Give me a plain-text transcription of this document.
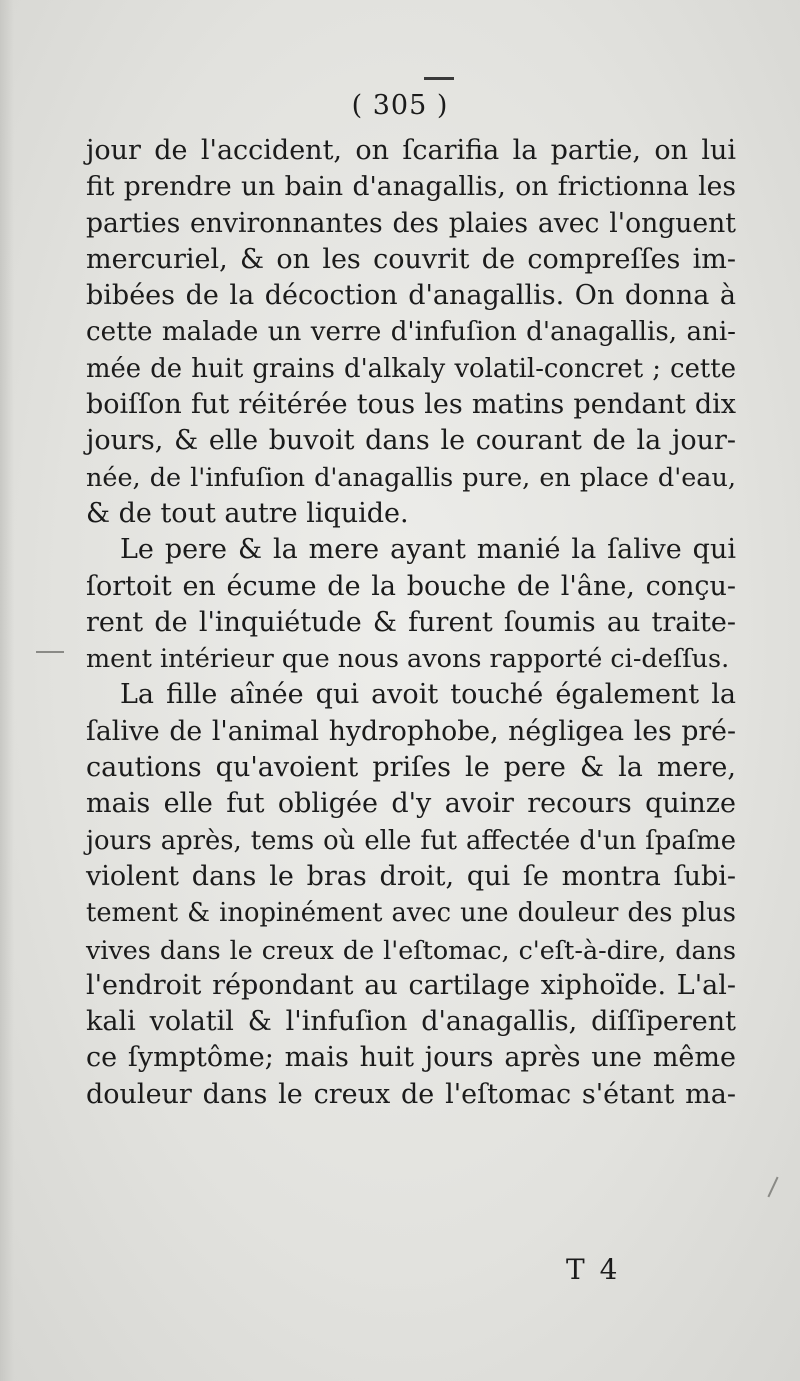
( 305 )
jour de l'accident, on ſcarifia la partie, on lui
fit prendre un bain d'anagallis, on frictionna les
parties environnantes des plaies avec l'onguent
mercuriel, & on les couvrit de compreſſes im-
bibées de la décoction d'anagallis. On donna à
cette malade un verre d'infuſion d'anagallis, ani-
mée de huit grains d'alkaly volatil-concret ; cette
boiſſon fut réitérée tous les matins pendant dix
jours, & elle buvoit dans le courant de la jour-
née, de l'infuſion d'anagallis pure, en place d'eau,
& de tout autre liquide.
Le pere & la mere ayant manié la ſalive qui
ſortoit en écume de la bouche de l'âne, conçu-
rent de l'inquiétude & furent ſoumis au traite-
ment intérieur que nous avons rapporté ci-deſſus.
La fille aînée qui avoit touché également la
ſalive de l'animal hydrophobe, négligea les pré-
cautions qu'avoient priſes le pere & la mere,
mais elle fut obligée d'y avoir recours quinze
jours après, tems où elle fut affectée d'un ſpaſme
violent dans le bras droit, qui ſe montra ſubi-
tement & inopinément avec une douleur des plus
vives dans le creux de l'eſtomac, c'eſt-à-dire, dans
l'endroit répondant au cartilage xiphoïde. L'al-
kali volatil & l'infuſion d'anagallis, diſſiperent
ce ſymptôme; mais huit jours après une même
douleur dans le creux de l'eſtomac s'étant ma-
T 4
